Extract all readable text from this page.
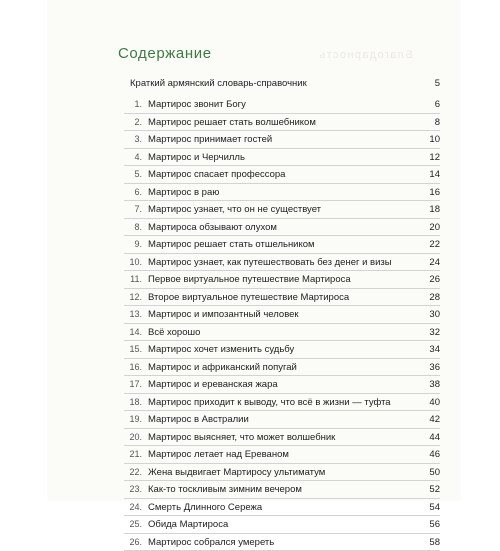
Содержание	Благодарность
Краткий армянский словарь-справочник	5
1. Мартирос звонит Богу	6
2. Мартирос решает стать волшебником	8
3. Мартирос принимает гостей	10
4. Мартирос и Черчилль	12
5. Мартирос спасает профессора	14
6. Мартирос в раю	16
7. Мартирос узнает, что он не существует	18
8. Мартироса обзывают олухом	20
9. Мартирос решает стать отшельником	22
10. Мартирос узнает, как путешествовать без денег и визы	24
11. Первое виртуальное путешествие Мартироса	26
12. Второе виртуальное путешествие Мартироса	28
13. Мартирос и импозантный человек	30
14. Всё хорошо	32
15. Мартирос хочет изменить судьбу	34
16. Мартирос и африканский попугай	36
17. Мартирос и ереванская жара	38
18. Мартирос приходит к выводу, что всё в жизни — туфта	40
19. Мартирос в Австралии	42
20. Мартирос выясняет, что может волшебник	44
21. Мартирос летает над Ереваном	46
22. Жена выдвигает Мартиросу ультиматум	50
23. Как-то тоскливым зимним вечером	52
24. Смерть Длинного Сережа	54
25. Обида Мартироса	56
26. Мартирос собрался умереть	58
